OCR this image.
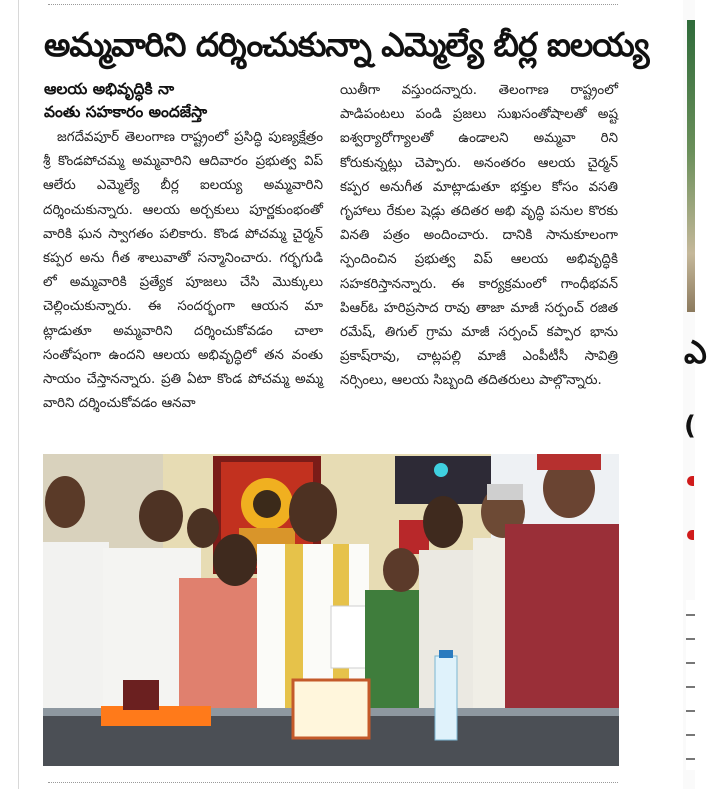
అమ్మవారిని దర్శించుకున్నా ఎమ్మెల్యే బీర్ల ఐలయ్య
ఆలయ అభివృద్ధికి నా
వంతు సహకారం అందజేస్తా

జగదేవపూర్ తెలంగాణ రాష్ట్రంలో ప్రసిద్ధి పుణ్యక్షేత్రం శ్రీ కొండపోచమ్మ అమ్మవారిని ఆదివారం ప్రభుత్వ విప్ ఆలేరు ఎమ్మెల్యే బీర్ల ఐలయ్య అమ్మవారిని దర్శించుకున్నారు. ఆలయ అర్చకులు పూర్ణకుంభంతో వారికి ఘన స్వాగతం పలికారు. కొండ పోచమ్మ చైర్మన్ కప్పర అను గీత శాలువాతో సన్మానించారు. గర్భగుడి లో అమ్మవారికి ప్రత్యేక పూజలు చేసి మొక్కులు చెల్లించుకున్నారు. ఈ సందర్భంగా ఆయన మా ట్లాడుతూ అమ్మవారిని దర్శించుకోవడం చాలా సంతోషంగా ఉందని ఆలయ అభివృద్ధిలో తన వంతు సాయం చేస్తానన్నారు. ప్రతి ఏటా కొండ పోచమ్మ అమ్మ వారిని దర్శించుకోవడం ఆనవా

యితీగా వస్తుందన్నారు. తెలంగాణ రాష్ట్రంలో పాడిపంటలు పండి ప్రజలు సుఖసంతోషాలతో అష్ట ఐశ్వర్యారోగ్యాలతో ఉండాలని అమ్మవా రిని కోరుకున్నట్లు చెప్పారు. అనంతరం ఆలయ చైర్మన్ కప్పర అనుగీత మాట్లాడుతూ భక్తుల కోసం వసతి గృహాలు రేకుల షెడ్లు తదితర అభి వృద్ధి పనుల కొరకు వినతి పత్రం అందించారు. దానికి సానుకూలంగా స్పందించిన ప్రభుత్వ విప్ ఆలయ అభివృద్ధికి సహకరిస్తానన్నారు. ఈ కార్యక్రమంలో గాంధీభవన్ పిఆర్ఓ హరిప్రసాద రావు తాజా మాజీ సర్పంచ్ రజిత రమేష్, తిగుల్ గ్రామ మాజీ సర్పంచ్ కప్పార భాను ప్రకాష్‌రావు, చాట్లపల్లి మాజీ ఎంపీటీసీ సావిత్రి నర్సింలు, ఆలయ సిబ్బంది తదితరులు పాల్గొన్నారు.

ఎ
(
